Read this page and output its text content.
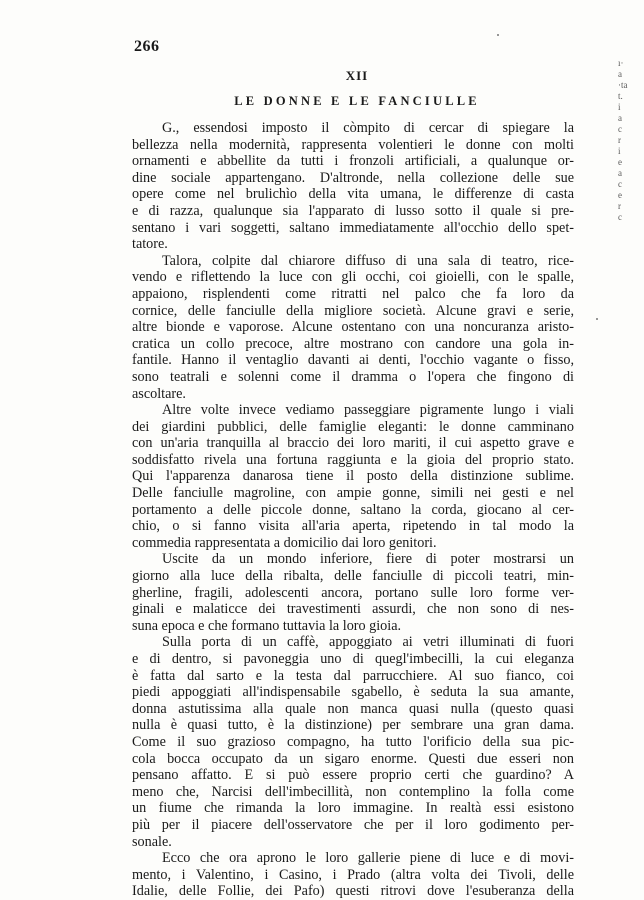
266
XII
LE DONNE E LE FANCIULLE
G., essendosi imposto il còmpito di cercar di spiegare la
bellezza nella modernità, rappresenta volentieri le donne con molti
ornamenti e abbellite da tutti i fronzoli artificiali, a qualunque or-
dine sociale appartengano. D'altronde, nella collezione delle sue
opere come nel brulichìo della vita umana, le differenze di casta
e di razza, qualunque sia l'apparato di lusso sotto il quale si pre-
sentano i vari soggetti, saltano immediatamente all'occhio dello spet-
tatore.
Talora, colpite dal chiarore diffuso di una sala di teatro, rice-
vendo e riflettendo la luce con gli occhi, coi gioielli, con le spalle,
appaiono, risplendenti come ritratti nel palco che fa loro da
cornice, delle fanciulle della migliore società. Alcune gravi e serie,
altre bionde e vaporose. Alcune ostentano con una noncuranza aristo-
cratica un collo precoce, altre mostrano con candore una gola in-
fantile. Hanno il ventaglio davanti ai denti, l'occhio vagante o fisso,
sono teatrali e solenni come il dramma o l'opera che fingono di
ascoltare.
Altre volte invece vediamo passeggiare pigramente lungo i viali
dei giardini pubblici, delle famiglie eleganti: le donne camminano
con un'aria tranquilla al braccio dei loro mariti, il cui aspetto grave e
soddisfatto rivela una fortuna raggiunta e la gioia del proprio stato.
Qui l'apparenza danarosa tiene il posto della distinzione sublime.
Delle fanciulle magroline, con ampie gonne, simili nei gesti e nel
portamento a delle piccole donne, saltano la corda, giocano al cer-
chio, o si fanno visita all'aria aperta, ripetendo in tal modo la
commedia rappresentata a domicilio dai loro genitori.
Uscite da un mondo inferiore, fiere di poter mostrarsi un
giorno alla luce della ribalta, delle fanciulle di piccoli teatri, min-
gherline, fragili, adolescenti ancora, portano sulle loro forme ver-
ginali e malaticce dei travestimenti assurdi, che non sono di nes-
suna epoca e che formano tuttavia la loro gioia.
Sulla porta di un caffè, appoggiato ai vetri illuminati di fuori
e di dentro, si pavoneggia uno di quegl'imbecilli, la cui eleganza
è fatta dal sarto e la testa dal parrucchiere. Al suo fianco, coi
piedi appoggiati all'indispensabile sgabello, è seduta la sua amante,
donna astutissima alla quale non manca quasi nulla (questo quasi
nulla è quasi tutto, è la distinzione) per sembrare una gran dama.
Come il suo grazioso compagno, ha tutto l'orificio della sua pic-
cola bocca occupato da un sigaro enorme. Questi due esseri non
pensano affatto. E si può essere proprio certi che guardino? A
meno che, Narcisi dell'imbecillità, non contemplino la folla come
un fiume che rimanda la loro immagine. In realtà essi esistono
più per il piacere dell'osservatore che per il loro godimento per-
sonale.
Ecco che ora aprono le loro gallerie piene di luce e di movi-
mento, i Valentino, i Casino, i Prado (altra volta dei Tivoli, delle
Idalie, delle Follie, dei Pafo) questi ritrovi dove l'esuberanza della
ı·
a
·ta
t.
i
a
c
r
i
e
a
c
e
r
c
